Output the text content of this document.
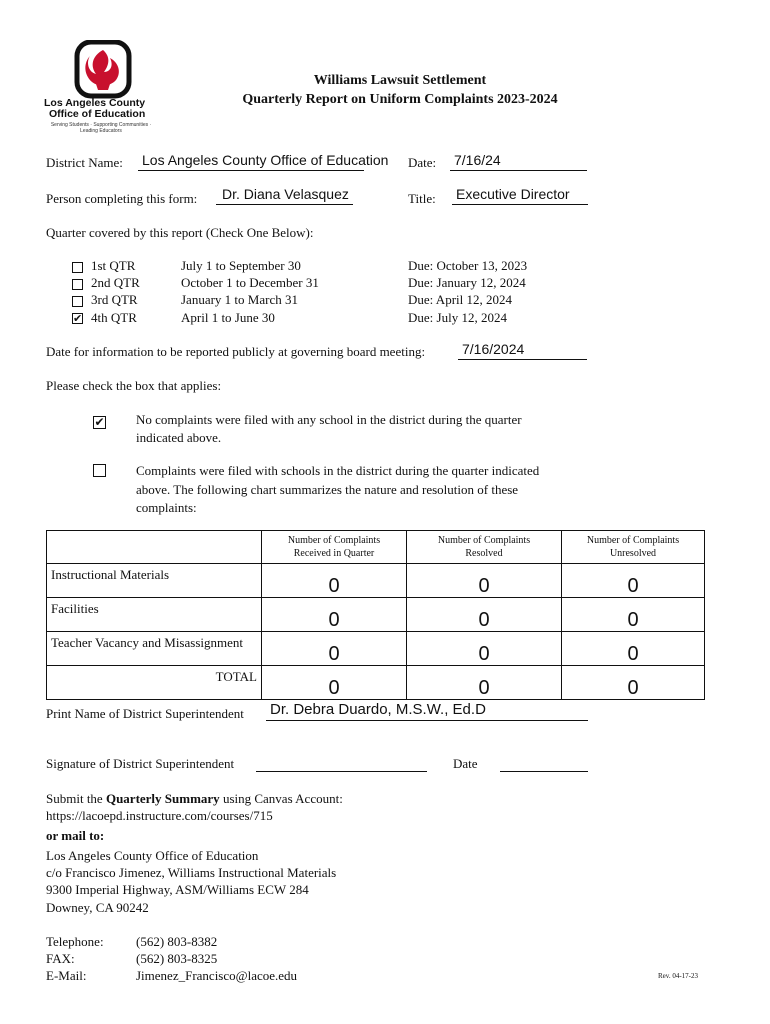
Los Angeles County
Office of Education
Serving Students · Supporting Communities · Leading Educators
Williams Lawsuit Settlement
Quarterly Report on Uniform Complaints 2023-2024
District Name: Los Angeles County Office of Education Date: 7/16/24
Person completing this form: Dr. Diana Velasquez	Title: Executive Director
Quarter covered by this report (Check One Below):
1st QTR	July 1 to September 30	Due: October 13, 2023
2nd QTR	October 1 to December 31	Due: January 12, 2024
3rd QTR	January 1 to March 31	Due: April 12, 2024
✔ 4th QTR	April 1 to June 30	Due: July 12, 2024
Date for information to be reported publicly at governing board meeting:	7/16/2024
Please check the box that applies:
✔ No complaints were filed with any school in the district during the quarter
indicated above.
Complaints were filed with schools in the district during the quarter indicated
above. The following chart summarizes the nature and resolution of these
complaints:
	Number of Complaints Received in Quarter	Number of Complaints Resolved	Number of Complaints Unresolved
Instructional Materials	0	0	0
Facilities	0	0	0
Teacher Vacancy and Misassignment	0	0	0
TOTAL	0	0	0
Print Name of District Superintendent Dr. Debra Duardo, M.S.W., Ed.D
Signature of District Superintendent	Date
Submit the Quarterly Summary using Canvas Account:
https://lacoepd.instructure.com/courses/715
or mail to:
Los Angeles County Office of Education
c/o Francisco Jimenez, Williams Instructional Materials
9300 Imperial Highway, ASM/Williams ECW 284
Downey, CA 90242
Telephone: (562) 803-8382
FAX:	(562) 803-8325
E-Mail:	Jimenez_Francisco@lacoe.edu	Rev. 04-17-23
